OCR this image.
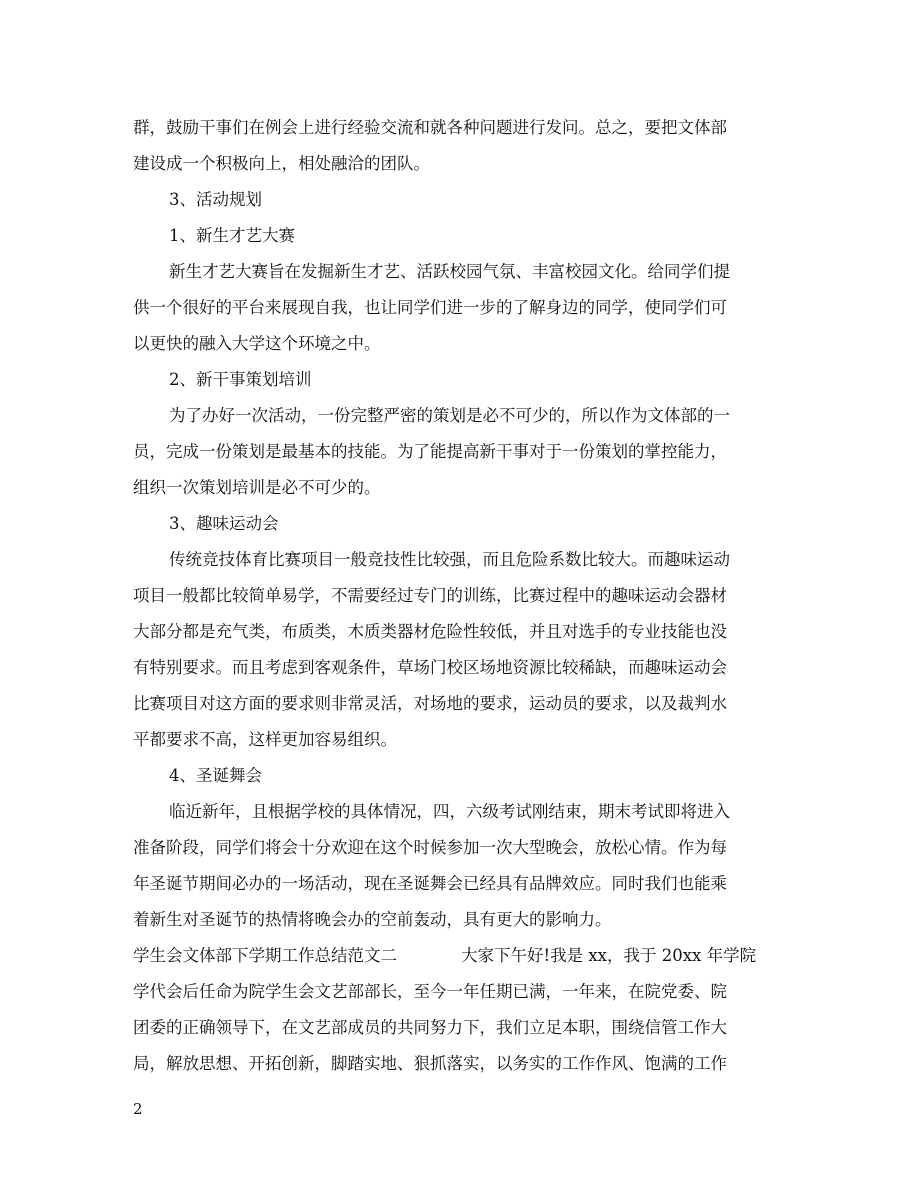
群，鼓励干事们在例会上进行经验交流和就各种问题进行发问。总之，要把文体部
建设成一个积极向上，相处融洽的团队。
3、活动规划
1、新生才艺大赛
新生才艺大赛旨在发掘新生才艺、活跃校园气氛、丰富校园文化。给同学们提
供一个很好的平台来展现自我，也让同学们进一步的了解身边的同学，使同学们可
以更快的融入大学这个环境之中。
2、新干事策划培训
为了办好一次活动，一份完整严密的策划是必不可少的，所以作为文体部的一
员，完成一份策划是最基本的技能。为了能提高新干事对于一份策划的掌控能力，
组织一次策划培训是必不可少的。
3、趣味运动会
传统竞技体育比赛项目一般竞技性比较强，而且危险系数比较大。而趣味运动
项目一般都比较简单易学，不需要经过专门的训练，比赛过程中的趣味运动会器材
大部分都是充气类，布质类，木质类器材危险性较低，并且对选手的专业技能也没
有特别要求。而且考虑到客观条件，草场门校区场地资源比较稀缺，而趣味运动会
比赛项目对这方面的要求则非常灵活，对场地的要求，运动员的要求，以及裁判水
平都要求不高，这样更加容易组织。
4、圣诞舞会
临近新年，且根据学校的具体情况，四，六级考试刚结束，期末考试即将进入
准备阶段，同学们将会十分欢迎在这个时候参加一次大型晚会，放松心情。作为每
年圣诞节期间必办的一场活动，现在圣诞舞会已经具有品牌效应。同时我们也能乘
着新生对圣诞节的热情将晚会办的空前轰动，具有更大的影响力。
学生会文体部下学期工作总结范文二	大家下午好!我是 xx，我于 20xx 年学院
学代会后任命为院学生会文艺部部长，至今一年任期已满，一年来，在院党委、院
团委的正确领导下，在文艺部成员的共同努力下，我们立足本职，围绕信管工作大
局，解放思想、开拓创新，脚踏实地、狠抓落实，以务实的工作作风、饱满的工作
2
